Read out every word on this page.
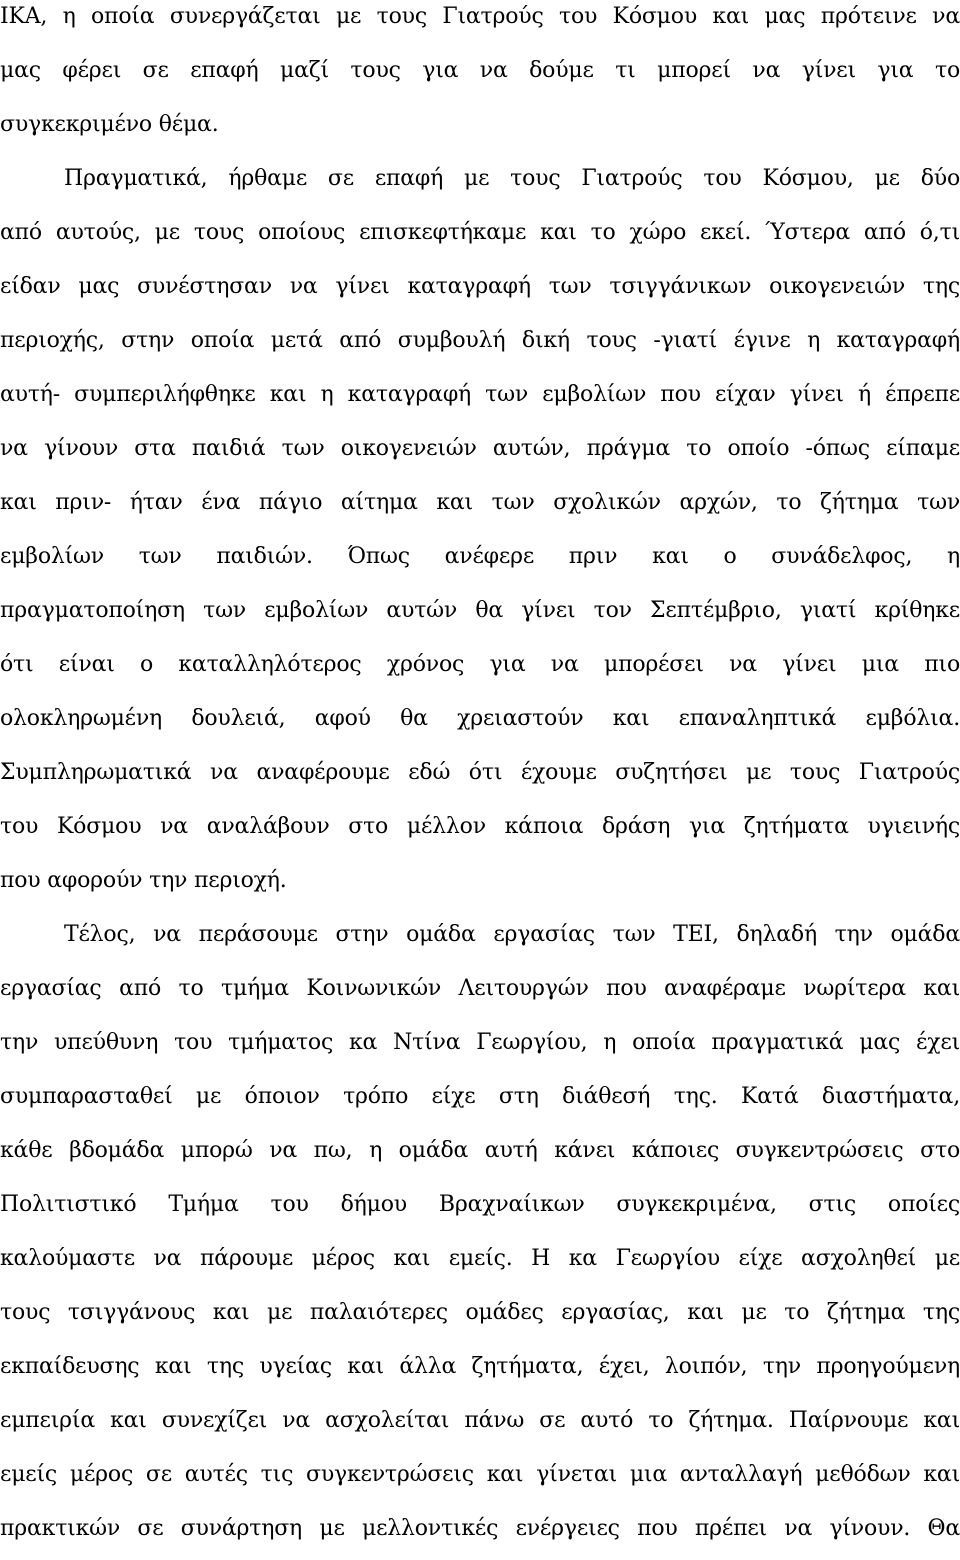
ΙΚΑ, η οποία συνεργάζεται με τους Γιατρούς του Κόσμου και μας πρότεινε να
μας φέρει σε επαφή μαζί τους για να δούμε τι μπορεί να γίνει για το
συγκεκριμένο θέμα.
Πραγματικά, ήρθαμε σε επαφή με τους Γιατρούς του Κόσμου, με δύο
από αυτούς, με τους οποίους επισκεφτήκαμε και το χώρο εκεί. Ύστερα από ό,τι
είδαν μας συνέστησαν να γίνει καταγραφή των τσιγγάνικων οικογενειών της
περιοχής, στην οποία μετά από συμβουλή δική τους -γιατί έγινε η καταγραφή
αυτή- συμπεριλήφθηκε και η καταγραφή των εμβολίων που είχαν γίνει ή έπρεπε
να γίνουν στα παιδιά των οικογενειών αυτών, πράγμα το οποίο -όπως είπαμε
και πριν- ήταν ένα πάγιο αίτημα και των σχολικών αρχών, το ζήτημα των
εμβολίων των παιδιών. Όπως ανέφερε πριν και ο συνάδελφος, η
πραγματοποίηση των εμβολίων αυτών θα γίνει τον Σεπτέμβριο, γιατί κρίθηκε
ότι είναι ο καταλληλότερος χρόνος για να μπορέσει να γίνει μια πιο
ολοκληρωμένη δουλειά, αφού θα χρειαστούν και επαναληπτικά εμβόλια.
Συμπληρωματικά να αναφέρουμε εδώ ότι έχουμε συζητήσει με τους Γιατρούς
του Κόσμου να αναλάβουν στο μέλλον κάποια δράση για ζητήματα υγιεινής
που αφορούν την περιοχή.
Τέλος, να περάσουμε στην ομάδα εργασίας των ΤΕΙ, δηλαδή την ομάδα
εργασίας από το τμήμα Κοινωνικών Λειτουργών που αναφέραμε νωρίτερα και
την υπεύθυνη του τμήματος κα Ντίνα Γεωργίου, η οποία πραγματικά μας έχει
συμπαρασταθεί με όποιον τρόπο είχε στη διάθεσή της. Κατά διαστήματα,
κάθε βδομάδα μπορώ να πω, η ομάδα αυτή κάνει κάποιες συγκεντρώσεις στο
Πολιτιστικό Τμήμα του δήμου Βραχναίικων συγκεκριμένα, στις οποίες
καλούμαστε να πάρουμε μέρος και εμείς. Η κα Γεωργίου είχε ασχοληθεί με
τους τσιγγάνους και με παλαιότερες ομάδες εργασίας, και με το ζήτημα της
εκπαίδευσης και της υγείας και άλλα ζητήματα, έχει, λοιπόν, την προηγούμενη
εμπειρία και συνεχίζει να ασχολείται πάνω σε αυτό το ζήτημα. Παίρνουμε και
εμείς μέρος σε αυτές τις συγκεντρώσεις και γίνεται μια ανταλλαγή μεθόδων και
πρακτικών σε συνάρτηση με μελλοντικές ενέργειες που πρέπει να γίνουν. Θα
